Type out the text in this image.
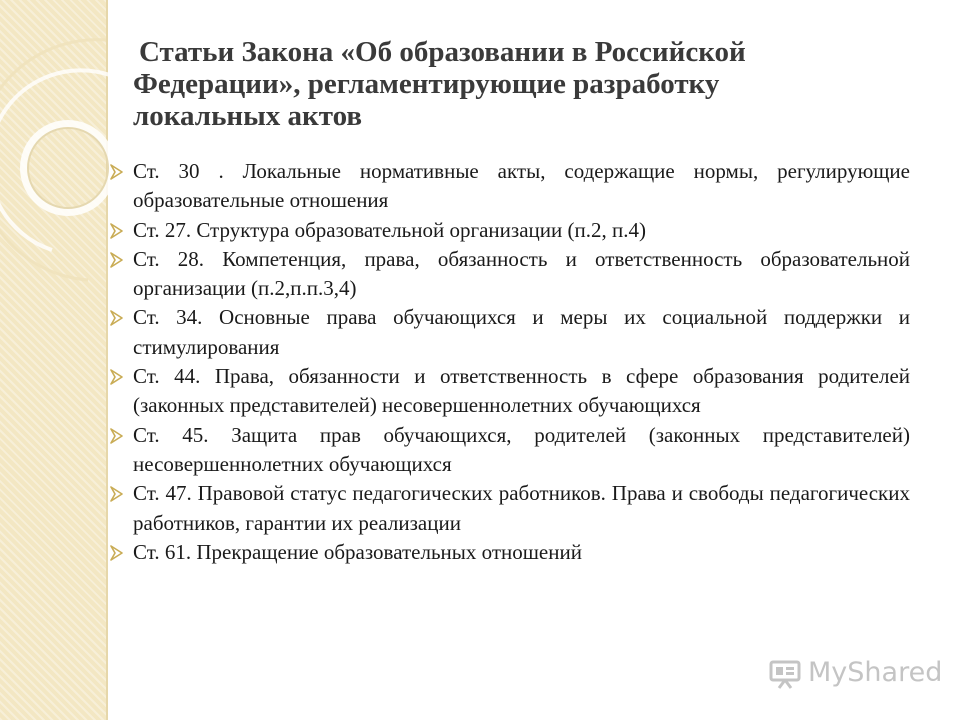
Статьи Закона «Об образовании в Российской
Федерации», регламентирующие разработку
локальных актов
Ст. 30 . Локальные нормативные акты, содержащие нормы, регулирующие образовательные отношения
Ст. 27. Структура образовательной организации (п.2, п.4)
Ст. 28. Компетенция, права, обязанность и ответственность образовательной организации (п.2,п.п.3,4)
Ст. 34. Основные права обучающихся и меры их социальной поддержки и стимулирования
Ст. 44. Права, обязанности и ответственность в сфере образования родителей (законных представителей) несовершеннолетних обучающихся
Ст. 45. Защита прав обучающихся, родителей (законных представителей) несовершеннолетних обучающихся
Ст. 47. Правовой статус педагогических работников. Права и свободы педагогических работников, гарантии их реализации
Ст. 61. Прекращение образовательных отношений
MyShared
